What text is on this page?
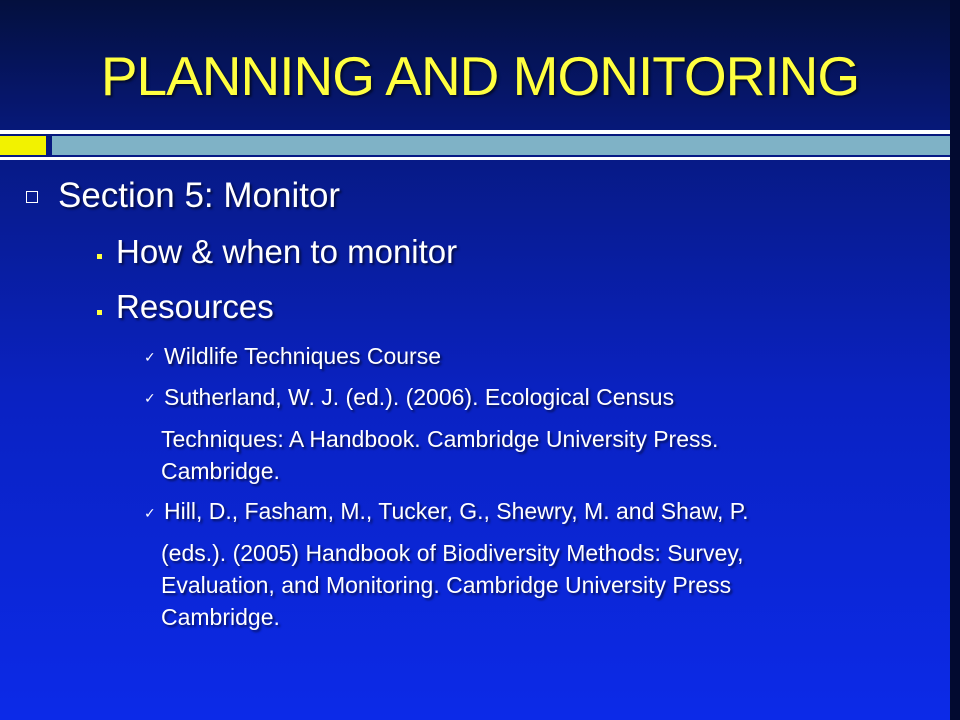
PLANNING AND MONITORING
Section 5: Monitor
How & when to monitor
Resources
✓ Wildlife Techniques Course
✓ Sutherland, W. J. (ed.). (2006). Ecological Census
Techniques: A Handbook. Cambridge University Press.
Cambridge.
✓ Hill, D., Fasham, M., Tucker, G., Shewry, M. and Shaw, P.
(eds.). (2005) Handbook of Biodiversity Methods: Survey,
Evaluation, and Monitoring. Cambridge University Press
Cambridge.
